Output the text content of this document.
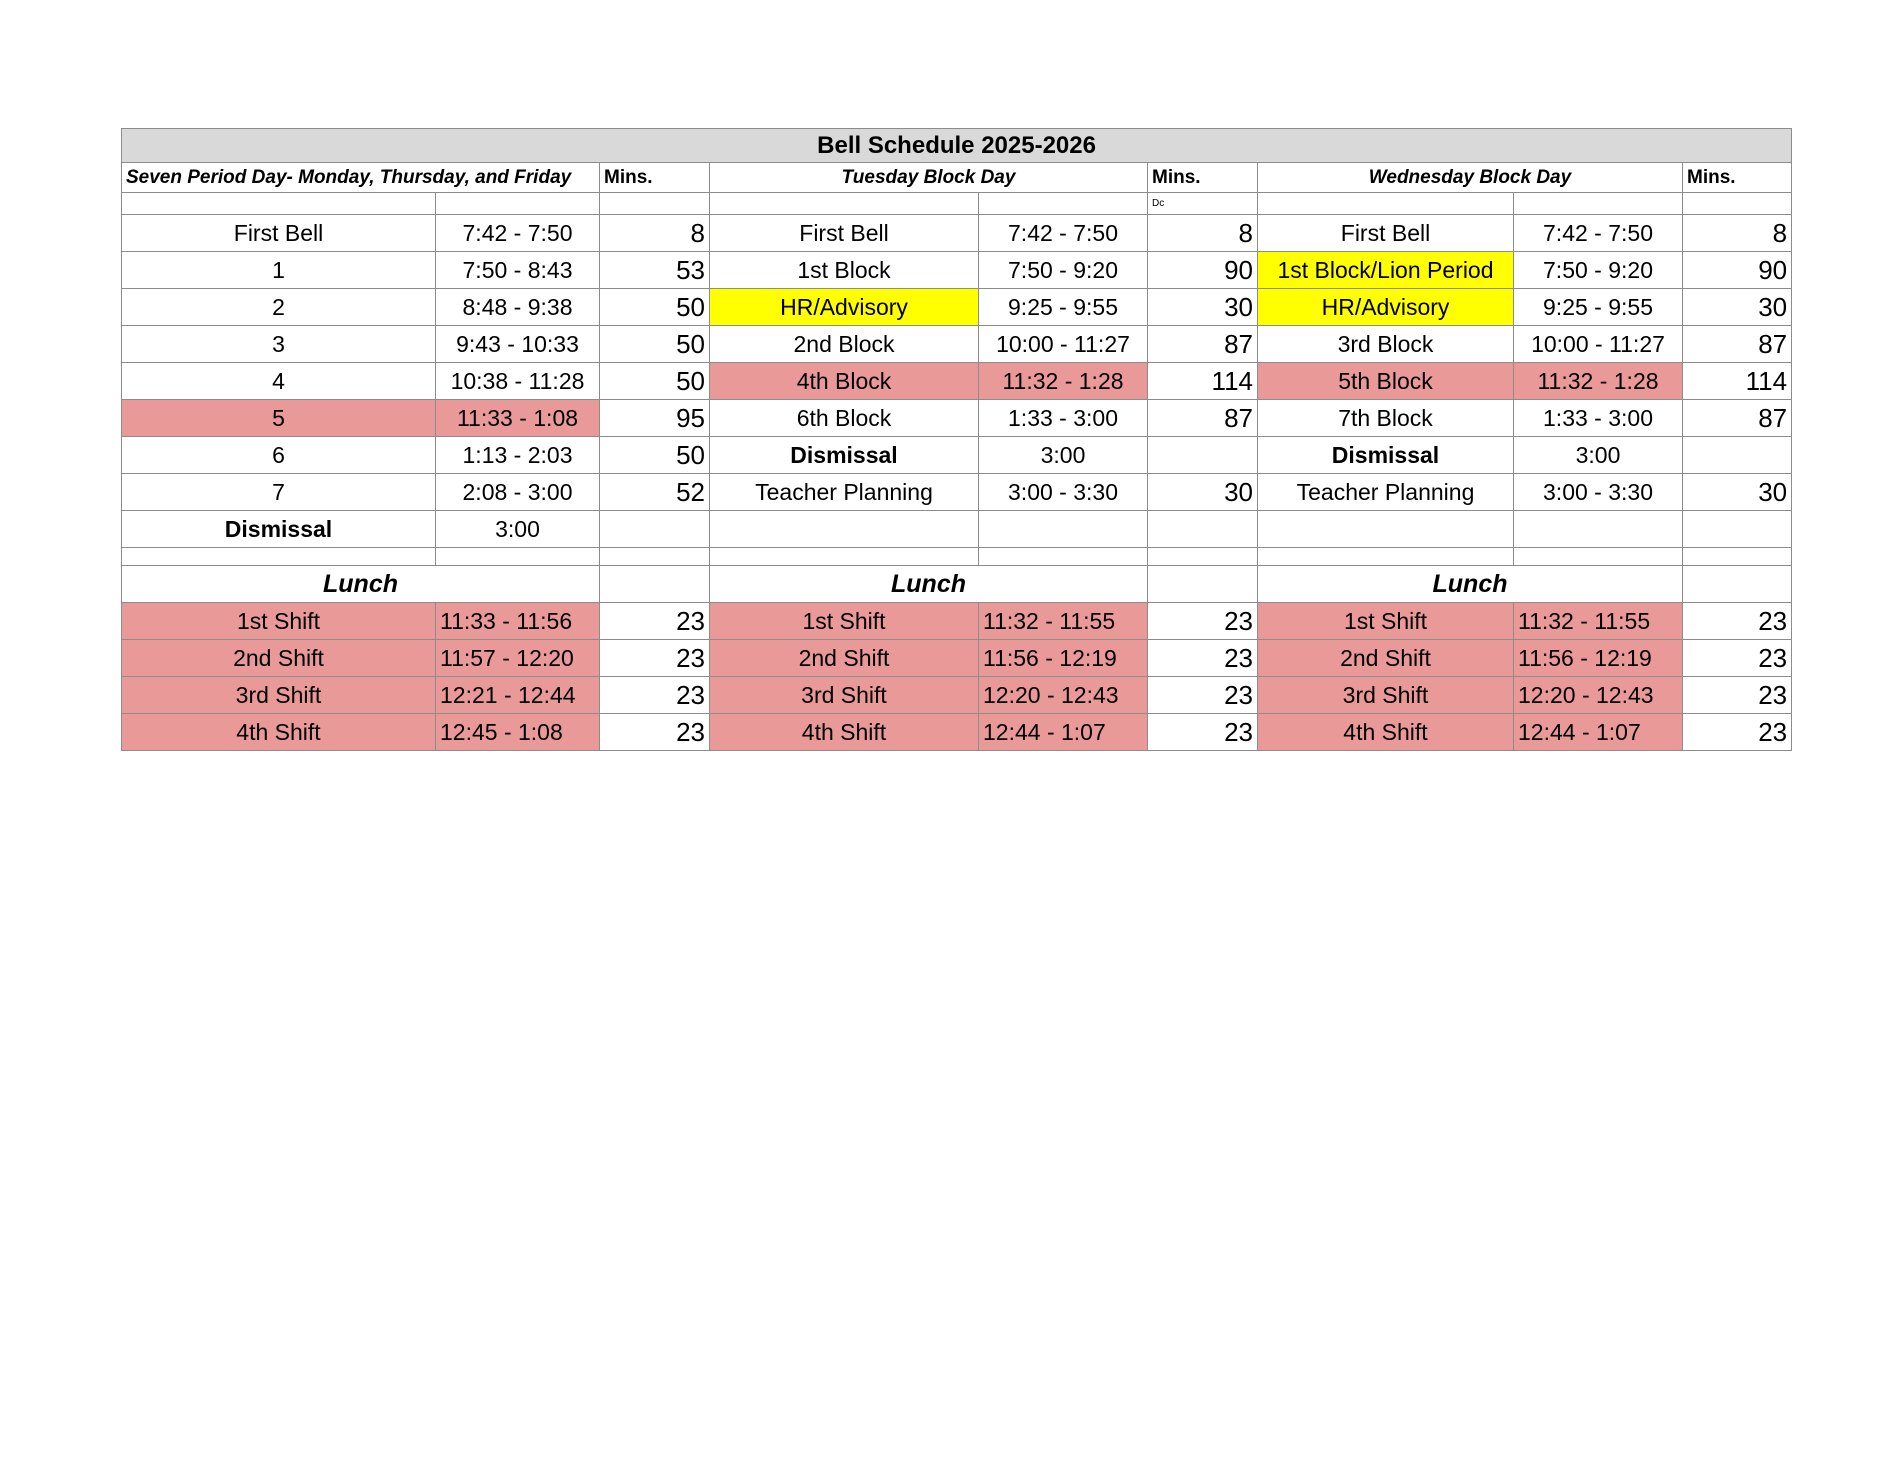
Bell Schedule 2025-2026								
Seven Period Day- Monday, Thursday, and Friday		Mins.	Tuesday Block Day		Mins.	Wednesday Block Day		Mins.
					Dc			
First Bell	7:42 - 7:50	8	First Bell	7:42 - 7:50	8	First Bell	7:42 - 7:50	8
1	7:50 - 8:43	53	1st Block	7:50 - 9:20	90	1st Block/Lion Period	7:50 - 9:20	90
2	8:48 - 9:38	50	HR/Advisory	9:25 - 9:55	30	HR/Advisory	9:25 - 9:55	30
3	9:43 - 10:33	50	2nd Block	10:00 - 11:27	87	3rd Block	10:00 - 11:27	87
4	10:38 - 11:28	50	4th Block	11:32 - 1:28	114	5th Block	11:32 - 1:28	114
5	11:33 - 1:08	95	6th Block	1:33 - 3:00	87	7th Block	1:33 - 3:00	87
6	1:13 - 2:03	50	Dismissal	3:00		Dismissal	3:00	
7	2:08 - 3:00	52	Teacher Planning	3:00 - 3:30	30	Teacher Planning	3:00 - 3:30	30
Dismissal	3:00							

Lunch			Lunch			Lunch		
1st Shift	11:33 - 11:56	23	1st Shift	11:32 - 11:55	23	1st Shift	11:32 - 11:55	23
2nd Shift	11:57 - 12:20	23	2nd Shift	11:56 - 12:19	23	2nd Shift	11:56 - 12:19	23
3rd Shift	12:21 - 12:44	23	3rd Shift	12:20 - 12:43	23	3rd Shift	12:20 - 12:43	23
4th Shift	12:45 - 1:08	23	4th Shift	12:44 - 1:07	23	4th Shift	12:44 - 1:07	23
